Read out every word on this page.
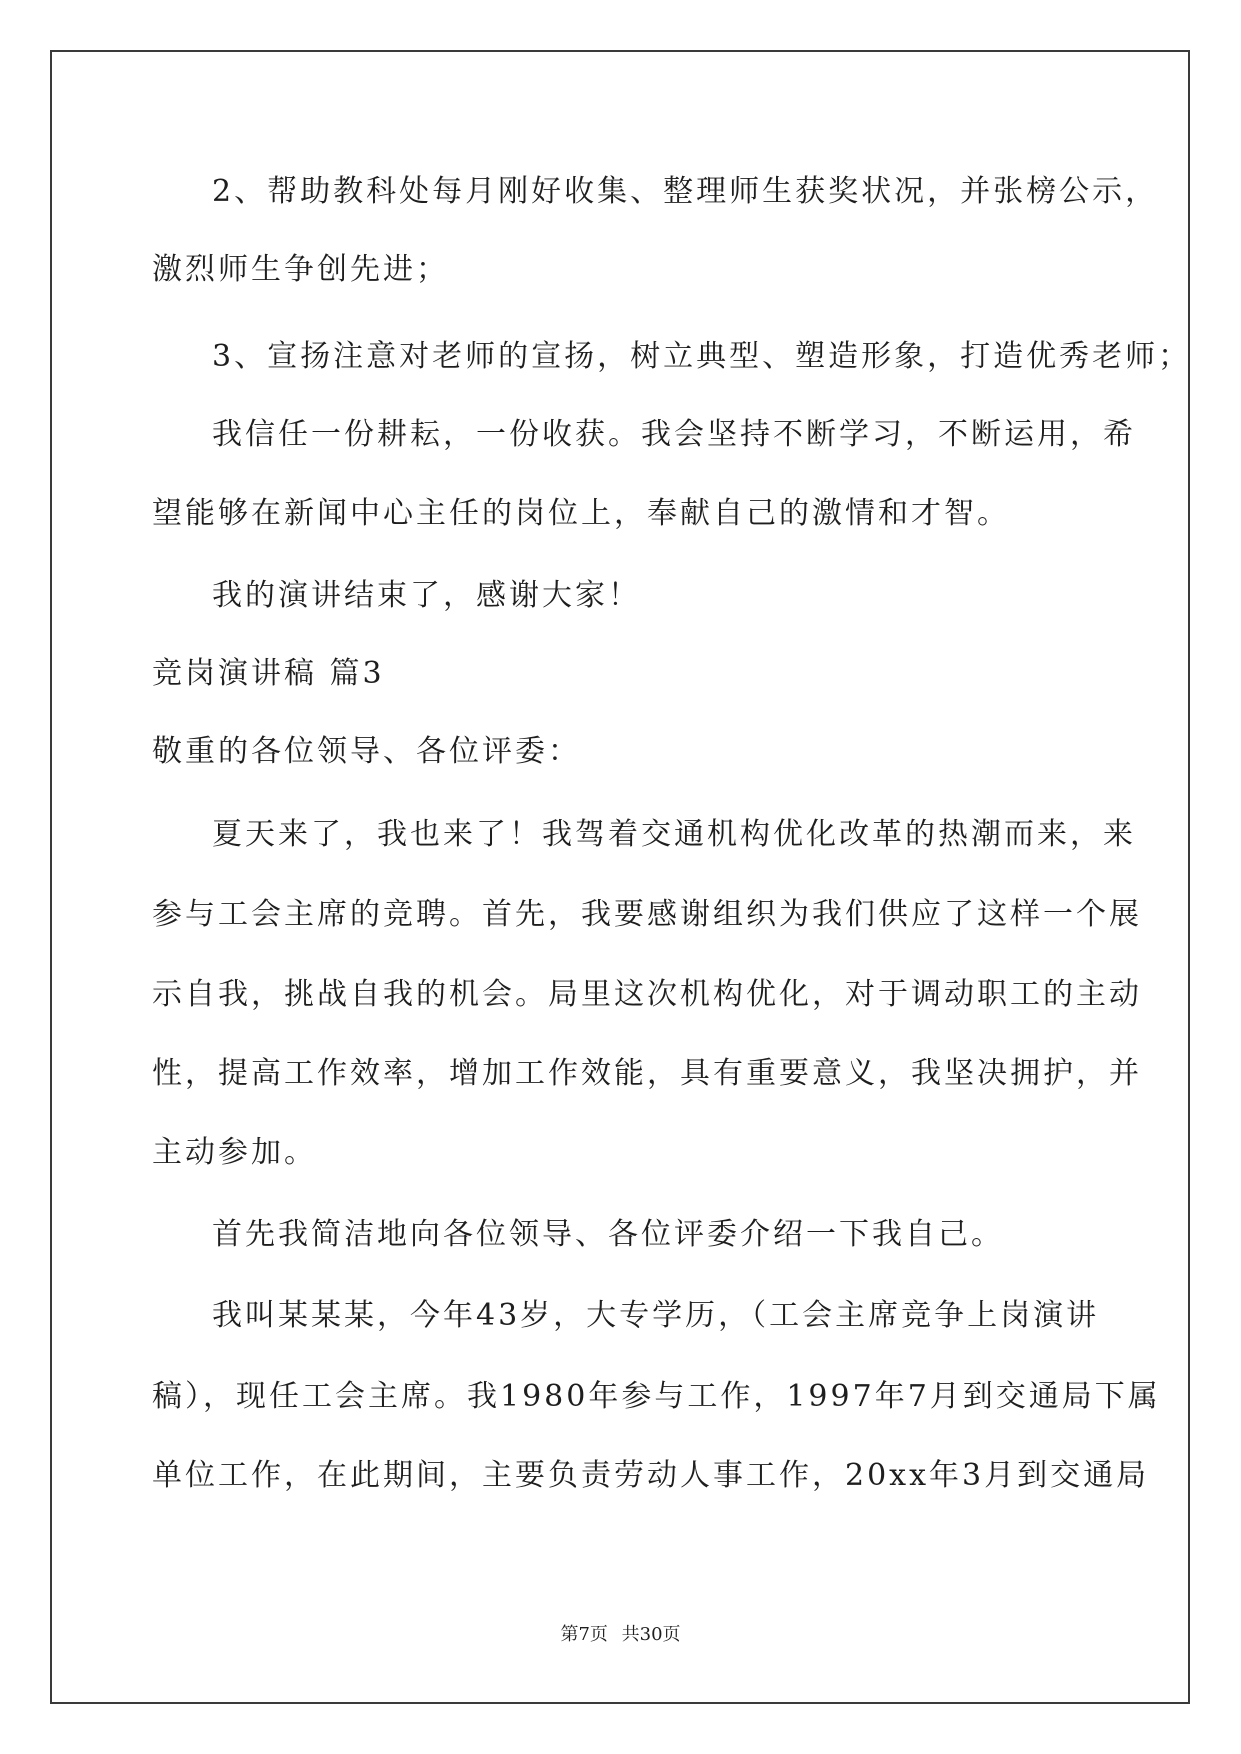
2、帮助教科处每月刚好收集、整理师生获奖状况，并张榜公示，
激烈师生争创先进；
3、宣扬注意对老师的宣扬，树立典型、塑造形象，打造优秀老师；
我信任一份耕耘，一份收获。我会坚持不断学习，不断运用，希
望能够在新闻中心主任的岗位上，奉献自己的激情和才智。
我的演讲结束了，感谢大家！
竞岗演讲稿 篇3
敬重的各位领导、各位评委：
夏天来了，我也来了！我驾着交通机构优化改革的热潮而来，来
参与工会主席的竞聘。首先，我要感谢组织为我们供应了这样一个展
示自我，挑战自我的机会。局里这次机构优化，对于调动职工的主动
性，提高工作效率，增加工作效能，具有重要意义，我坚决拥护，并
主动参加。
首先我简洁地向各位领导、各位评委介绍一下我自己。
我叫某某某，今年43岁，大专学历，（工会主席竞争上岗演讲
稿），现任工会主席。我1980年参与工作，1997年7月到交通局下属
单位工作，在此期间，主要负责劳动人事工作，20xx年3月到交通局
第7页 共30页
